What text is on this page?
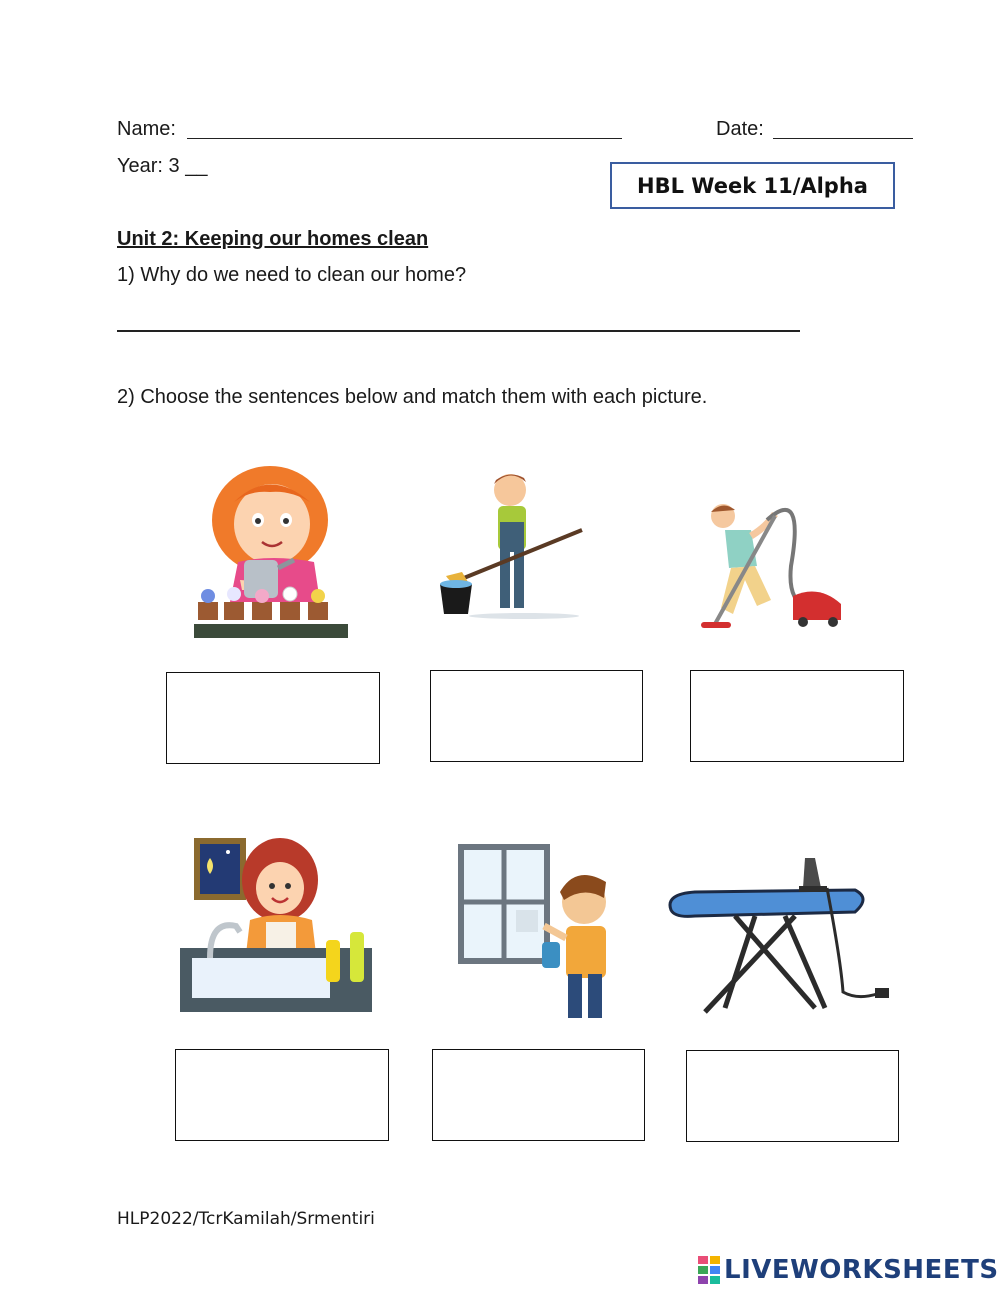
Name:	Date:
Year: 3 __
HBL Week 11/Alpha
Unit 2: Keeping our homes clean
1) Why do we need to clean our home?
2) Choose the sentences below and match them with each picture.
HLP2022/TcrKamilah/Srmentiri
LIVEWORKSHEETS
